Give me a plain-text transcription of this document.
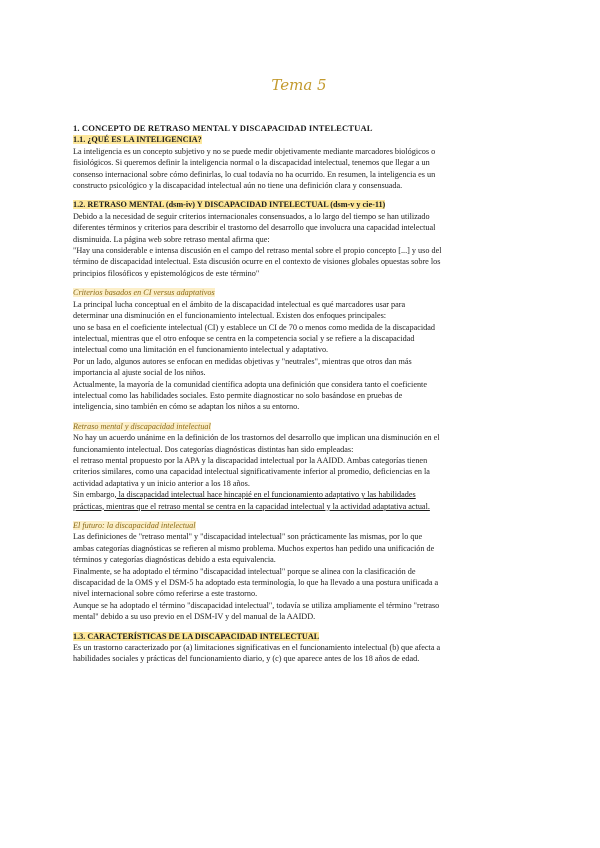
Tema 5

1. CONCEPTO DE RETRASO MENTAL Y DISCAPACIDAD INTELECTUAL

1.1. ¿QUÉ ES LA INTELIGENCIA?

La inteligencia es un concepto subjetivo y no se puede medir objetivamente mediante marcadores biológicos o

fisiológicos. Si queremos definir la inteligencia normal o la discapacidad intelectual, tenemos que llegar a un

consenso internacional sobre cómo definirlas, lo cual todavía no ha ocurrido. En resumen, la inteligencia es un

constructo psicológico y la discapacidad intelectual aún no tiene una definición clara y consensuada.

1.2. RETRASO MENTAL (dsm-iv) Y DISCAPACIDAD INTELECTUAL (dsm-v y cie-11)

Debido a la necesidad de seguir criterios internacionales consensuados, a lo largo del tiempo se han utilizado

diferentes términos y criterios para describir el trastorno del desarrollo que involucra una capacidad intelectual

disminuida. La página web sobre retraso mental afirma que:

"Hay una considerable e intensa discusión en el campo del retraso mental sobre el propio concepto [...] y uso del

término de discapacidad intelectual. Esta discusión ocurre en el contexto de visiones globales opuestas sobre los

principios filosóficos y epistemológicos de este término"

Criterios basados en CI versus adaptativos

La principal lucha conceptual en el ámbito de la discapacidad intelectual es qué marcadores usar para

determinar una disminución en el funcionamiento intelectual. Existen dos enfoques principales:

uno se basa en el coeficiente intelectual (CI) y establece un CI de 70 o menos como medida de la discapacidad

intelectual, mientras que el otro enfoque se centra en la competencia social y se refiere a la discapacidad

intelectual como una limitación en el funcionamiento intelectual y adaptativo.

Por un lado, algunos autores se enfocan en medidas objetivas y "neutrales", mientras que otros dan más

importancia al ajuste social de los niños.

Actualmente, la mayoría de la comunidad científica adopta una definición que considera tanto el coeficiente

intelectual como las habilidades sociales. Esto permite diagnosticar no solo basándose en pruebas de

inteligencia, sino también en cómo se adaptan los niños a su entorno.

Retraso mental y discapacidad intelectual

No hay un acuerdo unánime en la definición de los trastornos del desarrollo que implican una disminución en el

funcionamiento intelectual. Dos categorías diagnósticas distintas han sido empleadas:

el retraso mental propuesto por la APA y la discapacidad intelectual por la AAIDD. Ambas categorías tienen

criterios similares, como una capacidad intelectual significativamente inferior al promedio, deficiencias en la

actividad adaptativa y un inicio anterior a los 18 años.

Sin embargo, la discapacidad intelectual hace hincapié en el funcionamiento adaptativo y las habilidades

prácticas, mientras que el retraso mental se centra en la capacidad intelectual y la actividad adaptativa actual.

El futuro: la discapacidad intelectual

Las definiciones de "retraso mental" y "discapacidad intelectual" son prácticamente las mismas, por lo que

ambas categorías diagnósticas se refieren al mismo problema. Muchos expertos han pedido una unificación de

términos y categorías diagnósticas debido a esta equivalencia.

Finalmente, se ha adoptado el término "discapacidad intelectual" porque se alinea con la clasificación de

discapacidad de la OMS y el DSM-5 ha adoptado esta terminología, lo que ha llevado a una postura unificada a

nivel internacional sobre cómo referirse a este trastorno.

Aunque se ha adoptado el término "discapacidad intelectual", todavía se utiliza ampliamente el término "retraso

mental" debido a su uso previo en el DSM-IV y del manual de la AAIDD.

1.3. CARACTERÍSTICAS DE LA DISCAPACIDAD INTELECTUAL

Es un trastorno caracterizado por (a) limitaciones significativas en el funcionamiento intelectual (b) que afecta a

habilidades sociales y prácticas del funcionamiento diario, y (c) que aparece antes de los 18 años de edad.
